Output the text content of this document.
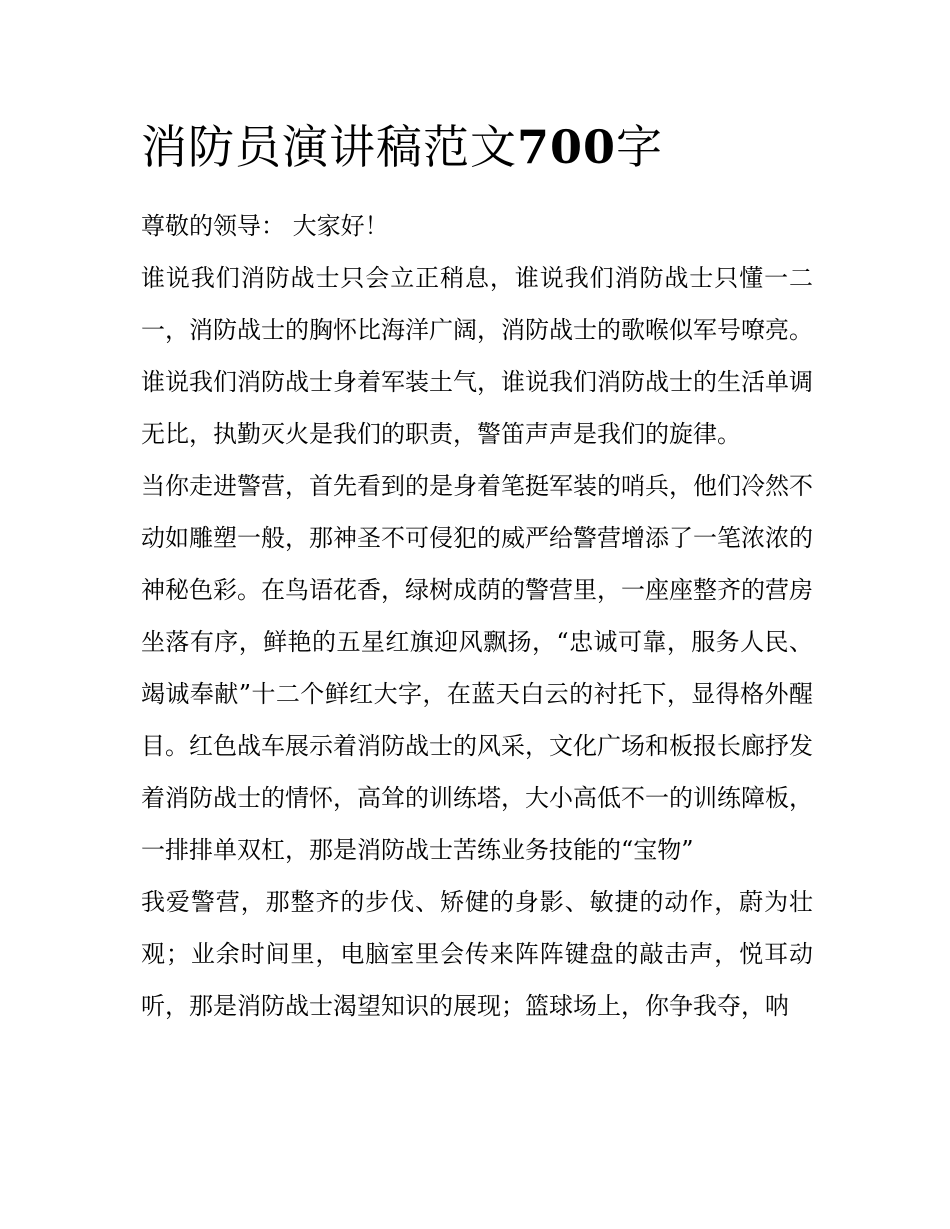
消防员演讲稿范文700字

尊敬的领导： 大家好！

谁说我们消防战士只会立正稍息，谁说我们消防战士只懂一二一，消防战士的胸怀比海洋广阔，消防战士的歌喉似军号嘹亮。谁说我们消防战士身着军装土气，谁说我们消防战士的生活单调无比，执勤灭火是我们的职责，警笛声声是我们的旋律。

当你走进警营，首先看到的是身着笔挺军装的哨兵，他们冷然不动如雕塑一般，那神圣不可侵犯的威严给警营增添了一笔浓浓的神秘色彩。在鸟语花香，绿树成荫的警营里，一座座整齐的营房坐落有序，鲜艳的五星红旗迎风飘扬，“忠诚可靠，服务人民、竭诚奉献”十二个鲜红大字，在蓝天白云的衬托下，显得格外醒目。红色战车展示着消防战士的风采，文化广场和板报长廊抒发着消防战士的情怀，高耸的训练塔，大小高低不一的训练障板，一排排单双杠，那是消防战士苦练业务技能的“宝物”

我爱警营，那整齐的步伐、矫健的身影、敏捷的动作，蔚为壮观；业余时间里，电脑室里会传来阵阵键盘的敲击声，悦耳动听，那是消防战士渴望知识的展现；篮球场上，你争我夺，呐
